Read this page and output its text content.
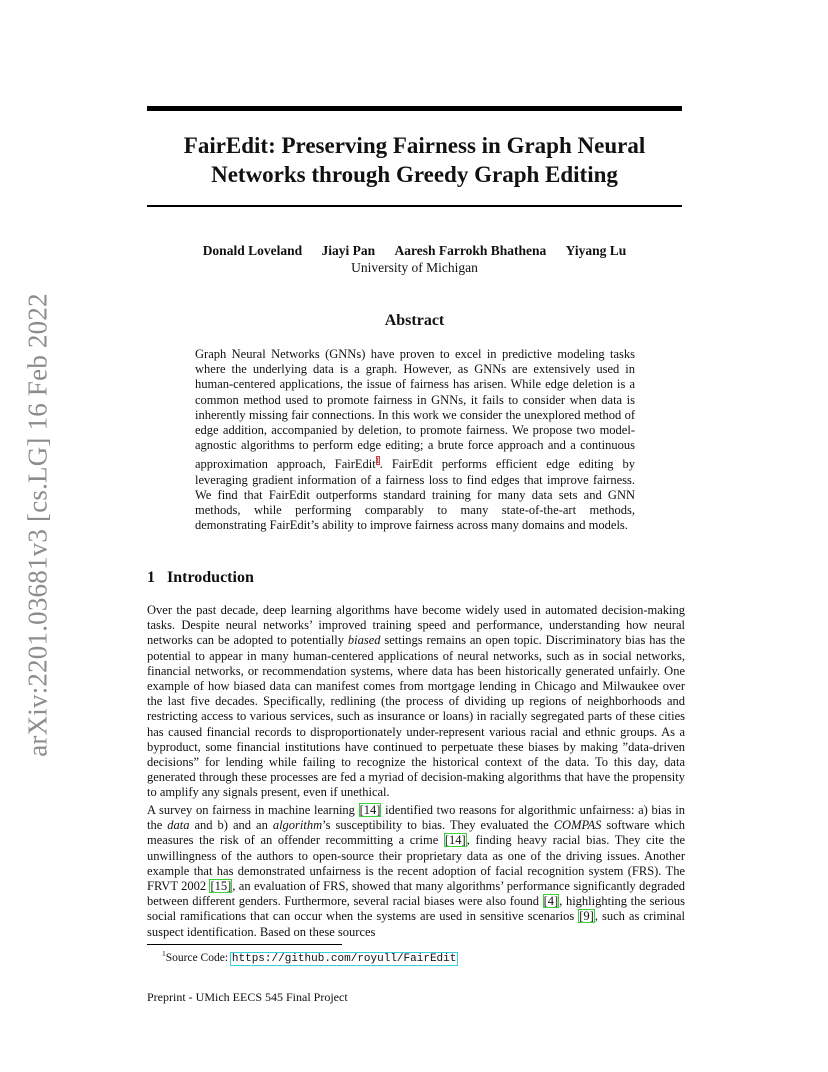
arXiv:2201.03681v3 [cs.LG] 16 Feb 2022
FairEdit: Preserving Fairness in Graph Neural Networks through Greedy Graph Editing
Donald Loveland Jiayi Pan Aaresh Farrokh Bhathena Yiyang Lu
University of Michigan
Abstract
Graph Neural Networks (GNNs) have proven to excel in predictive modeling tasks where the underlying data is a graph. However, as GNNs are extensively used in human-centered applications, the issue of fairness has arisen. While edge deletion is a common method used to promote fairness in GNNs, it fails to consider when data is inherently missing fair connections. In this work we consider the unexplored method of edge addition, accompanied by deletion, to promote fairness. We propose two model-agnostic algorithms to perform edge editing; a brute force approach and a continuous approximation approach, FairEdit$^1$. FairEdit performs efficient edge editing by leveraging gradient information of a fairness loss to find edges that improve fairness. We find that FairEdit outperforms standard training for many data sets and GNN methods, while performing comparably to many state-of-the-art methods, demonstrating FairEdit’s ability to improve fairness across many domains and models.
1 Introduction
Over the past decade, deep learning algorithms have become widely used in automated decision-making tasks. Despite neural networks’ improved training speed and performance, understanding how neural networks can be adopted to potentially biased settings remains an open topic. Discriminatory bias has the potential to appear in many human-centered applications of neural networks, such as in social networks, financial networks, or recommendation systems, where data has been historically generated unfairly. One example of how biased data can manifest comes from mortgage lending in Chicago and Milwaukee over the last five decades. Specifically, redlining (the process of dividing up regions of neighborhoods and restricting access to various services, such as insurance or loans) in racially segregated parts of these cities has caused financial records to disproportionately under-represent various racial and ethnic groups. As a byproduct, some financial institutions have continued to perpetuate these biases by making ”data-driven decisions” for lending while failing to recognize the historical context of the data. To this day, data generated through these processes are fed a myriad of decision-making algorithms that have the propensity to amplify any signals present, even if unethical.
A survey on fairness in machine learning [14] identified two reasons for algorithmic unfairness: a) bias in the data and b) and an algorithm’s susceptibility to bias. They evaluated the COMPAS software which measures the risk of an offender recommitting a crime [14], finding heavy racial bias. They cite the unwillingness of the authors to open-source their proprietary data as one of the driving issues. Another example that has demonstrated unfairness is the recent adoption of facial recognition system (FRS). The FRVT 2002 [15], an evaluation of FRS, showed that many algorithms’ performance significantly degraded between different genders. Furthermore, several racial biases were also found [4], highlighting the serious social ramifications that can occur when the systems are used in sensitive scenarios [9], such as criminal suspect identification. Based on these sources
$^1$Source Code: https://github.com/royull/FairEdit
Preprint - UMich EECS 545 Final Project
